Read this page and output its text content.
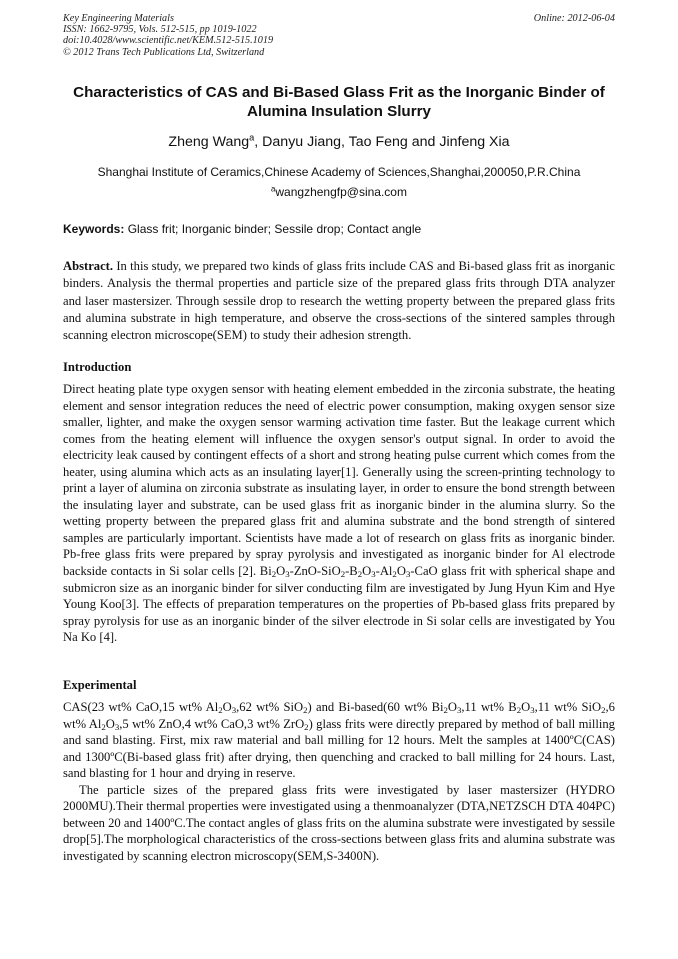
Key Engineering Materials	Online: 2012-06-04
ISSN: 1662-9795, Vols. 512-515, pp 1019-1022
doi:10.4028/www.scientific.net/KEM.512-515.1019
© 2012 Trans Tech Publications Ltd, Switzerland
Characteristics of CAS and Bi-Based Glass Frit as the Inorganic Binder of Alumina Insulation Slurry
Zheng Wang$^a$, Danyu Jiang, Tao Feng and Jinfeng Xia
Shanghai Institute of Ceramics,Chinese Academy of Sciences,Shanghai,200050,P.R.China
$^a$wangzhengfp@sina.com
Keywords: Glass frit; Inorganic binder; Sessile drop; Contact angle
Abstract. In this study, we prepared two kinds of glass frits include CAS and Bi-based glass frit as inorganic binders. Analysis the thermal properties and particle size of the prepared glass frits through DTA analyzer and laser mastersizer. Through sessile drop to research the wetting property between the prepared glass frits and alumina substrate in high temperature, and observe the cross-sections of the sintered samples through scanning electron microscope(SEM) to study their adhesion strength.
Introduction
Direct heating plate type oxygen sensor with heating element embedded in the zirconia substrate, the heating element and sensor integration reduces the need of electric power consumption, making oxygen sensor size smaller, lighter, and make the oxygen sensor warming activation time faster. But the leakage current which comes from the heating element will influence the oxygen sensor's output signal. In order to avoid the electricity leak caused by contingent effects of a short and strong heating pulse current which comes from the heater, using alumina which acts as an insulating layer[1]. Generally using the screen-printing technology to print a layer of alumina on zirconia substrate as insulating layer, in order to ensure the bond strength between the insulating layer and substrate, can be used glass frit as inorganic binder in the alumina slurry. So the wetting property between the prepared glass frit and alumina substrate and the bond strength of sintered samples are particularly important. Scientists have made a lot of research on glass frits as inorganic binder. Pb-free glass frits were prepared by spray pyrolysis and investigated as inorganic binder for Al electrode backside contacts in Si solar cells [2]. $Bi_2O_3-ZnO-SiO_2-B_2O_3-Al_2O_3$-CaO glass frit with spherical shape and submicron size as an inorganic binder for silver conducting film are investigated by Jung Hyun Kim and Hye Young Koo[3]. The effects of preparation temperatures on the properties of Pb-based glass frits prepared by spray pyrolysis for use as an inorganic binder of the silver electrode in Si solar cells are investigated by You Na Ko [4].
Experimental

CAS(23 wt% CaO,15 wt% $Al_2O_3,62$ wt% SiO$_2$) and Bi-based(60 wt% $Bi_2O_3,11$ wt% $B_2O_3,11$ wt% SiO$_2$,6 wt% $Al_2O_3,5$ wt% ZnO,4 wt% CaO,3 wt% ZrO$_2$) glass frits were directly prepared by method of ball milling and sand blasting. First, mix raw material and ball milling for 12 hours. Melt the samples at 1400ºC(CAS) and 1300ºC(Bi-based glass frit) after drying, then quenching and cracked to ball milling for 24 hours. Last, sand blasting for 1 hour and drying in reserve.

The particle sizes of the prepared glass frits were investigated by laser mastersizer (HYDRO 2000MU).Their thermal properties were investigated using a thenmoanalyzer (DTA,NETZSCH DTA 404PC) between 20 and 1400ºC.The contact angles of glass frits on the alumina substrate were investigated by sessile drop[5].The morphological characteristics of the cross-sections between glass frits and alumina substrate was investigated by scanning electron microscopy(SEM,S-3400N).
